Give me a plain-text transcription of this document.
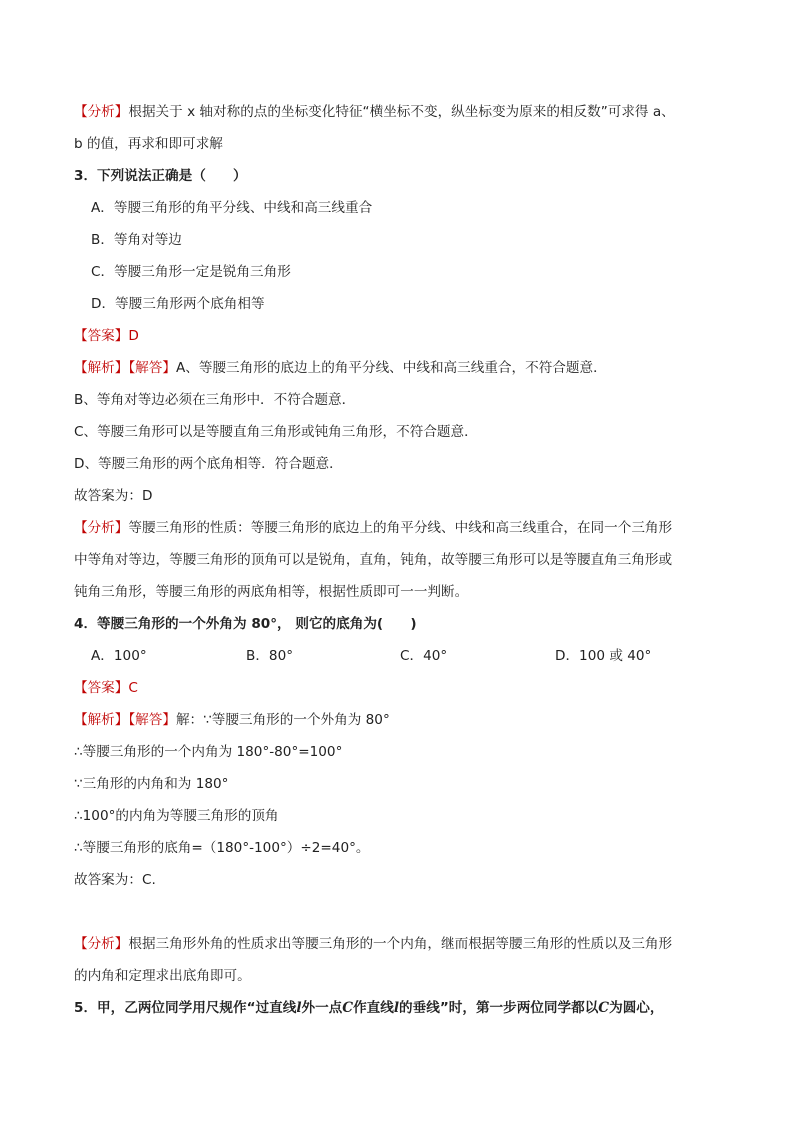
【分析】根据关于 x 轴对称的点的坐标变化特征“横坐标不变，纵坐标变为原来的相反数”可求得 a、
b 的值，再求和即可求解
3．下列说法正确是（　　）
A．等腰三角形的角平分线、中线和高三线重合
B．等角对等边
C．等腰三角形一定是锐角三角形
D．等腰三角形两个底角相等
【答案】D
【解析】【解答】A、等腰三角形的底边上的角平分线、中线和高三线重合，不符合题意．
B、等角对等边必须在三角形中．不符合题意．
C、等腰三角形可以是等腰直角三角形或钝角三角形，不符合题意．
D、等腰三角形的两个底角相等．符合题意．
故答案为：D
【分析】等腰三角形的性质：等腰三角形的底边上的角平分线、中线和高三线重合，在同一个三角形
中等角对等边，等腰三角形的顶角可以是锐角，直角，钝角，故等腰三角形可以是等腰直角三角形或
钝角三角形，等腰三角形的两底角相等，根据性质即可一一判断。
4．等腰三角形的一个外角为 80°， 则它的底角为(　　)
A．100°	B．80°	C．40°	D．100 或 40°
【答案】C
【解析】【解答】解：∵等腰三角形的一个外角为 80°
∴等腰三角形的一个内角为 180°-80°=100°
∵三角形的内角和为 180°
∴100°的内角为等腰三角形的顶角
∴等腰三角形的底角=（180°-100°）÷2=40°。
故答案为：C.
【分析】根据三角形外角的性质求出等腰三角形的一个内角，继而根据等腰三角形的性质以及三角形
的内角和定理求出底角即可。
5．甲，乙两位同学用尺规作“过直线l外一点C作直线l的垂线”时，第一步两位同学都以C为圆心，
